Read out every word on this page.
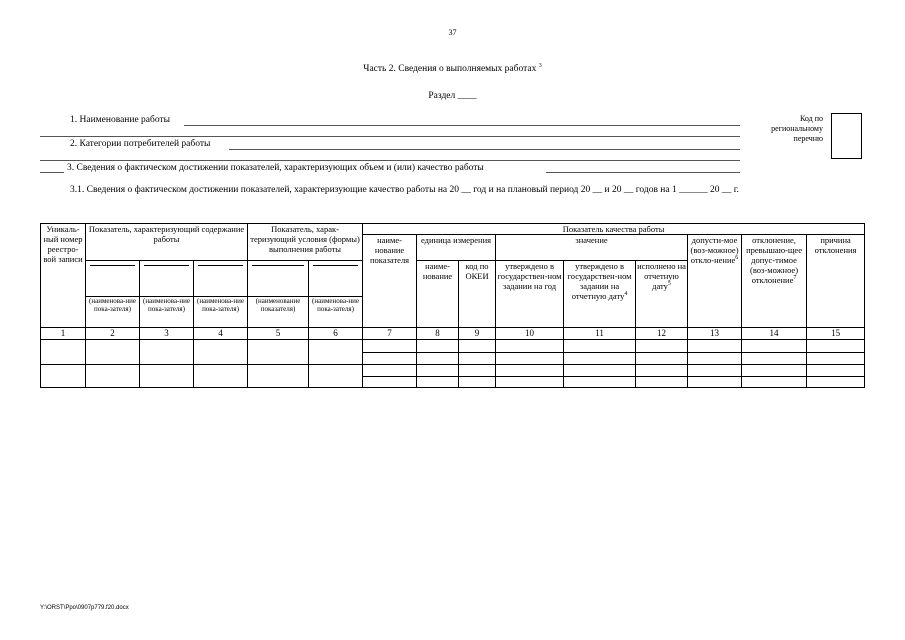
37
Часть 2. Сведения о выполняемых работах $^3$
Раздел ____
1. Наименование работы
2. Категории потребителей работы
3. Сведения о фактическом достижении показателей, характеризующих объем и (или) качество работы
3.1. Сведения о фактическом достижении показателей, характеризующие качество работы на 20 __ год и на плановый период 20 __ и 20 __ годов на 1 ______ 20 __ г.
Код по региональному перечню
Уникаль-ный номер реестро-вой записи	Показатель, характеризующий содержание работы			Показатель, харак-теризующий условия (формы) выполнения работы		Показатель качества работы								
						наиме-нование показателя	единица измерения		значение			допусти-мое (воз-можное) откло-нение$^6$	отклонение, превышаю-щее допус-тимое (воз-можное) отклонение$^7$	причина отклонения

			наиме-нование	код по ОКЕИ	утверждено в государствен-ном задании на год	утверждено в государствен-ном задании на отчетную дату$^4$	исполнено на отчетную дату$^5$
	(наименова-ние пока-зателя)	(наименова-ние пока-зателя)	(наименова-ние пока-зателя)	(наименование показателя)	(наименова-ние пока-зателя)									
1	2	3	4	5	6	7	8	9	10	11	12	13	14	15

Y:\ORST\Ppo\0907p779.f20.docx
